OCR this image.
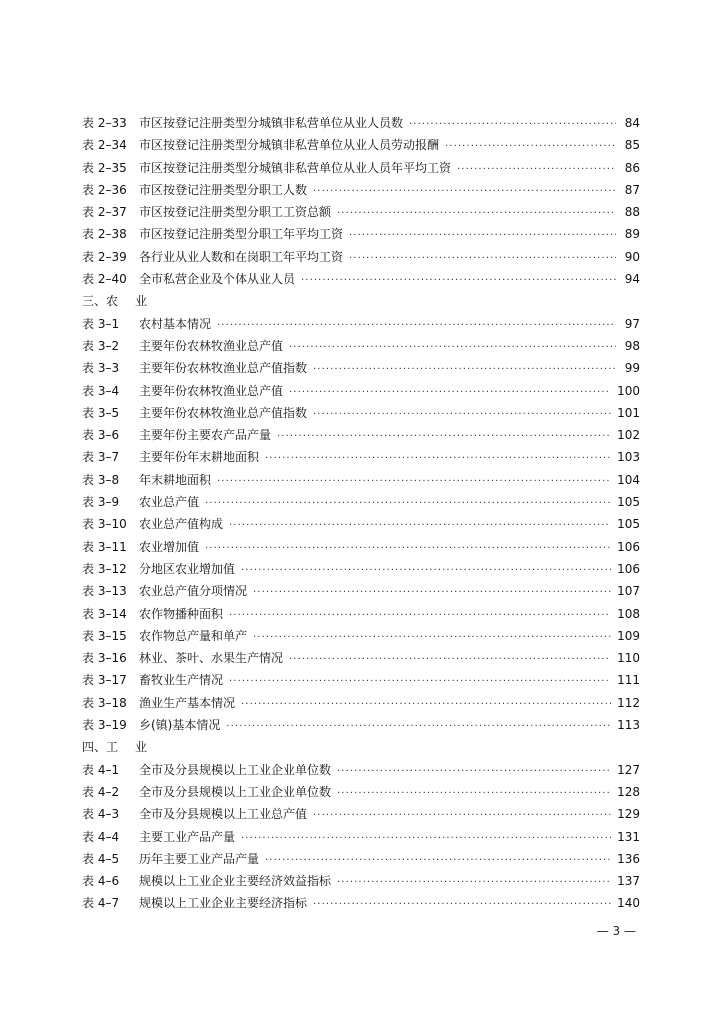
表 2–33	市区按登记注册类型分城镇非私营单位从业人员数 ·····	84
表 2–34	市区按登记注册类型分城镇非私营单位从业人员劳动报酬 ·····	85
表 2–35	市区按登记注册类型分城镇非私营单位从业人员年平均工资 ·····	86
表 2–36	市区按登记注册类型分职工人数 ·····	87
表 2–37	市区按登记注册类型分职工工资总额 ·····	88
表 2–38	市区按登记注册类型分职工年平均工资 ·····	89
表 2–39	各行业从业人数和在岗职工年平均工资 ·····	90
表 2–40	全市私营企业及个体从业人员 ·····	94
三、农 业
表 3–1	农村基本情况 ·····	97
表 3–2	主要年份农林牧渔业总产值 ·····	98
表 3–3	主要年份农林牧渔业总产值指数 ·····	99
表 3–4	主要年份农林牧渔业总产值 ·····	100
表 3–5	主要年份农林牧渔业总产值指数 ·····	101
表 3–6	主要年份主要农产品产量 ·····	102
表 3–7	主要年份年末耕地面积 ·····	103
表 3–8	年末耕地面积 ·····	104
表 3–9	农业总产值 ·····	105
表 3–10	农业总产值构成 ·····	105
表 3–11	农业增加值 ·····	106
表 3–12	分地区农业增加值 ·····	106
表 3–13	农业总产值分项情况 ·····	107
表 3–14	农作物播种面积 ·····	108
表 3–15	农作物总产量和单产 ·····	109
表 3–16	林业、茶叶、水果生产情况 ·····	110
表 3–17	畜牧业生产情况 ·····	111
表 3–18	渔业生产基本情况 ·····	112
表 3–19	乡(镇)基本情况 ·····	113
四、工 业
表 4–1	全市及分县规模以上工业企业单位数 ·····	127
表 4–2	全市及分县规模以上工业企业单位数 ·····	128
表 4–3	全市及分县规模以上工业总产值 ·····	129
表 4–4	主要工业产品产量 ·····	131
表 4–5	历年主要工业产品产量 ·····	136
表 4–6	规模以上工业企业主要经济效益指标 ·····	137
表 4–7	规模以上工业企业主要经济指标 ·····	140
— 3 —
